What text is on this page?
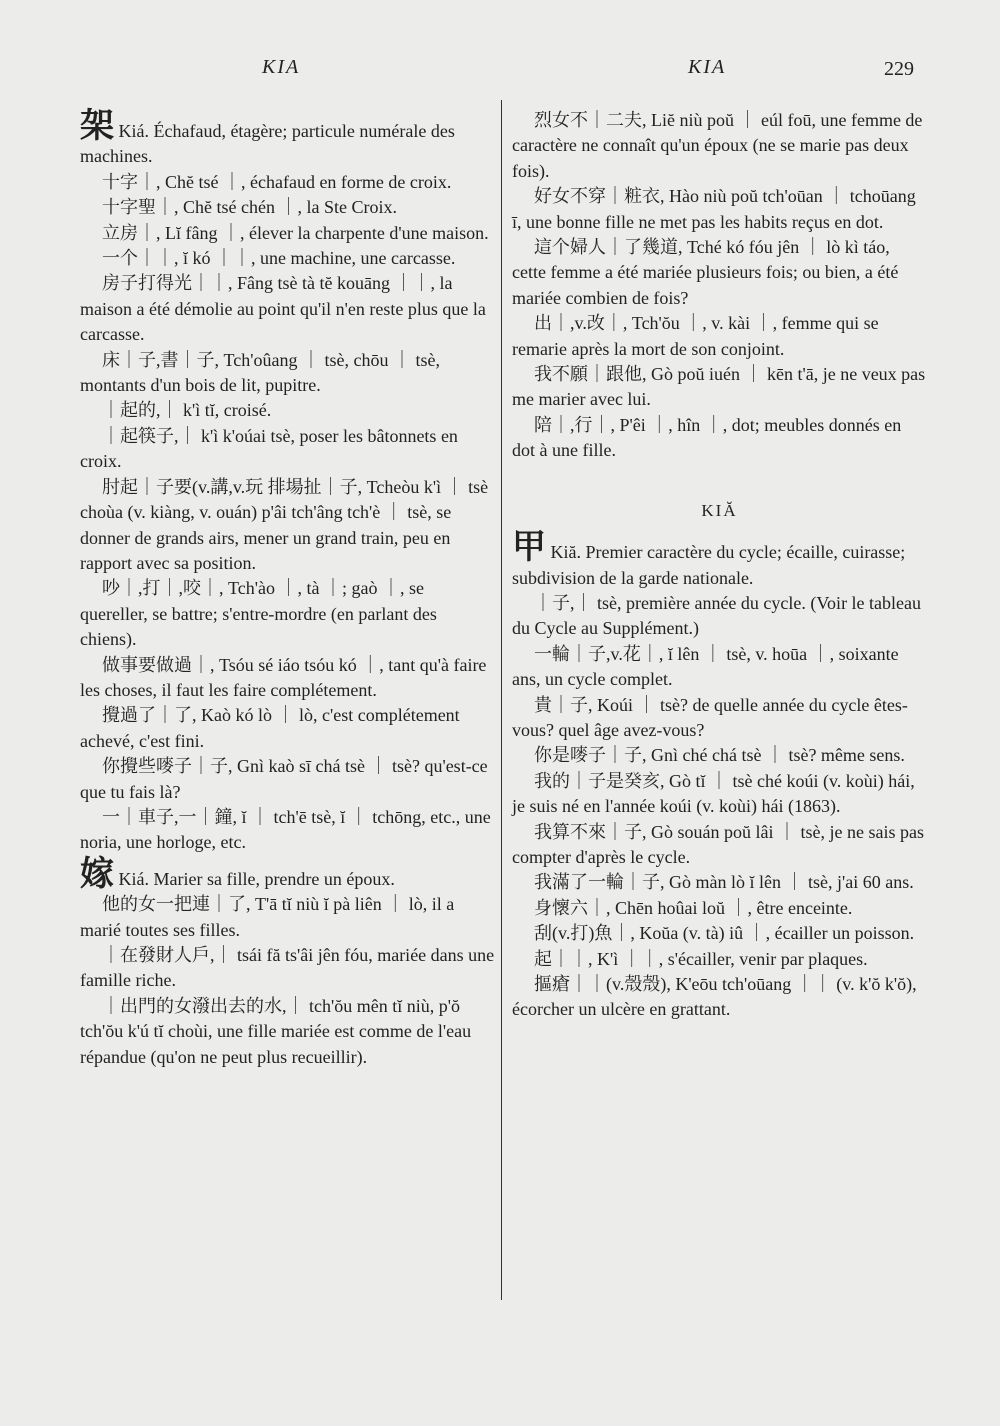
KIA	KIA	229

架 Kiá. Échafaud, étagère; particule numérale des machines.

十字｜, Chĕ tsé ｜, échafaud en forme de croix.

十字聖｜, Chĕ tsé chén ｜, la Ste Croix.

立房｜, Lĭ fâng ｜, élever la charpente d'une maison.

一个｜｜, ĭ kó ｜｜, une machine, une carcasse.

房子打得光｜｜, Fâng tsè tà tĕ kouāng ｜｜, la maison a été démolie au point qu'il n'en reste plus que la carcasse.

床｜子,書｜子, Tch'oûang ｜ tsè, chōu ｜ tsè, montants d'un bois de lit, pupitre.

｜起的,｜ k'ì tĭ, croisé.

｜起筷子,｜ k'ì k'oúai tsè, poser les bâtonnets en croix.

肘起｜子要(v.講,v.玩 排場扯｜子, Tcheòu k'ì ｜ tsè choùa (v. kiàng, v. ouán) p'âi tch'âng tch'è ｜ tsè, se donner de grands airs, mener un grand train, peu en rapport avec sa position.

吵｜,打｜,咬｜, Tch'ào ｜, tà ｜; gaò ｜, se quereller, se battre; s'entre-mordre (en parlant des chiens).

做事要做過｜, Tsóu sé iáo tsóu kó ｜, tant qu'à faire les choses, il faut les faire complétement.

攪過了｜了, Kaò kó lò ｜ lò, c'est complétement achevé, c'est fini.

你攪些嘜子｜子, Gnì kaò sī chá tsè ｜ tsè? qu'est-ce que tu fais là?

一｜車子,一｜鐘, ĭ ｜ tch'ē tsè, ĭ ｜ tchōng, etc., une noria, une horloge, etc.

嫁 Kiá. Marier sa fille, prendre un époux.

他的女一把連｜了, T'ā tĭ niù ĭ pà liên ｜ lò, il a marié toutes ses filles.

｜在發財人戶,｜ tsái fă ts'âi jên fóu, mariée dans une famille riche.

｜出門的女潑出去的水,｜ tch'ŏu mên tĭ niù, p'ŏ tch'ŏu k'ú tĭ choùi, une fille mariée est comme de l'eau répandue (qu'on ne peut plus recueillir).

烈女不｜二夫, Liĕ niù poŭ ｜ eúl foū, une femme de caractère ne connaît qu'un époux (ne se marie pas deux fois).

好女不穿｜粧衣, Hào niù poŭ tch'oūan ｜ tchoūang ī, une bonne fille ne met pas les habits reçus en dot.

這个婦人｜了幾道, Tché kó fóu jên ｜ lò kì táo, cette femme a été mariée plusieurs fois; ou bien, a été mariée combien de fois?

出｜,v.改｜, Tch'ŏu ｜, v. kài ｜, femme qui se remarie après la mort de son conjoint.

我不願｜跟他, Gò poŭ iuén ｜ kēn t'ā, je ne veux pas me marier avec lui.

陪｜,行｜, P'êi ｜, hîn ｜, dot; meubles donnés en dot à une fille.

KIĂ

甲 Kiă. Premier caractère du cycle; écaille, cuirasse; subdivision de la garde nationale.

｜子,｜ tsè, première année du cycle. (Voir le tableau du Cycle au Supplément.)

一輪｜子,v.花｜, ĭ lên ｜ tsè, v. hoūa ｜, soixante ans, un cycle complet.

貴｜子, Koúi ｜ tsè? de quelle année du cycle êtes-vous? quel âge avez-vous?

你是嘜子｜子, Gnì ché chá tsè ｜ tsè? même sens.

我的｜子是癸亥, Gò tĭ ｜ tsè ché koúi (v. koùi) hái, je suis né en l'année koúi (v. koùi) hái (1863).

我算不來｜子, Gò souán poŭ lâi ｜ tsè, je ne sais pas compter d'après le cycle.

我滿了一輪｜子, Gò màn lò ĭ lên ｜ tsè, j'ai 60 ans.

身懷六｜, Chēn hoûai loŭ ｜, être enceinte.

刮(v.打)魚｜, Koŭa (v. tà) iû ｜, écailler un poisson.

起｜｜, K'ì ｜｜, s'écailler, venir par plaques.

摳瘡｜｜(v.殼殼), K'eōu tch'oūang ｜｜ (v. k'ŏ k'ŏ), écorcher un ulcère en grattant.
